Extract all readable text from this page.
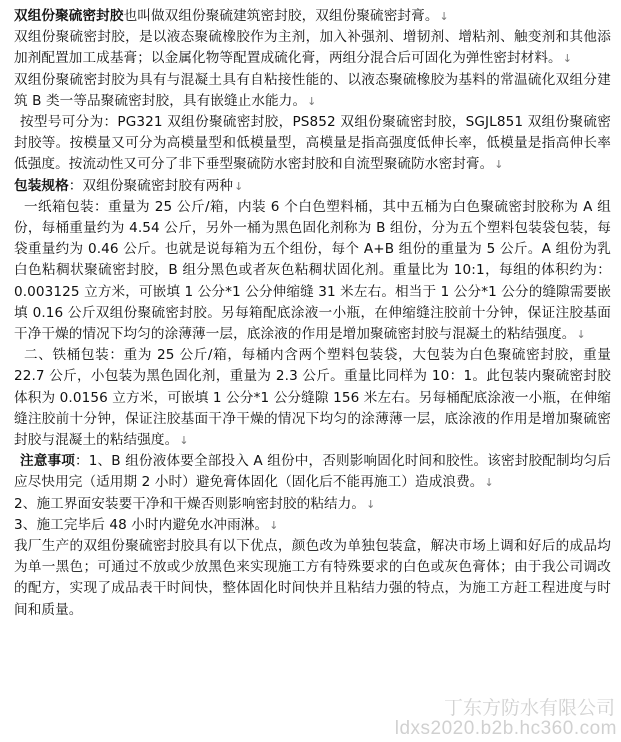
双组份聚硫密封胶也叫做双组份聚硫建筑密封胶，双组份聚硫密封膏。↓

双组份聚硫密封胶，是以液态聚硫橡胶作为主剂，加入补强剂、增韧剂、增粘剂、触变剂和其他添加剂配置加工成基膏；以金属化物等配置成硫化膏，两组分混合后可固化为弹性密封材料。↓

双组份聚硫密封胶为具有与混凝土具有自粘接性能的、以液态聚硫橡胶为基料的常温硫化双组分建筑 B 类一等品聚硫密封胶，具有嵌缝止水能力。↓

按型号可分为：PG321 双组份聚硫密封胶，PS852 双组份聚硫密封胶，SGJL851 双组份聚硫密封胶等。按模量又可分为高模量型和低模量型，高模量是指高强度低伸长率，低模量是指高伸长率低强度。按流动性又可分了非下垂型聚硫防水密封胶和自流型聚硫防水密封膏。↓

包装规格：双组份聚硫密封胶有两种↓

一纸箱包装：重量为 25 公斤/箱，内装 6 个白色塑料桶，其中五桶为白色聚硫密封胶称为 A 组份，每桶重量约为 4.54 公斤，另外一桶为黑色固化剂称为 B 组份，分为五个塑料包装袋包装，每袋重量约为 0.46 公斤。也就是说每箱为五个组份，每个 A+B 组份的重量为 5 公斤。A 组份为乳白色粘稠状聚硫密封胶，B 组分黑色或者灰色粘稠状固化剂。重量比为 10:1，每组的体积约为：0.003125 立方米，可嵌填 1 公分*1 公分伸缩缝 31 米左右。相当于 1 公分*1 公分的缝隙需要嵌填 0.16 公斤双组份聚硫密封胶。另每箱配底涂液一小瓶，在伸缩缝注胶前十分钟，保证注胶基面干净干燥的情况下均匀的涂薄薄一层，底涂液的作用是增加聚硫密封胶与混凝土的粘结强度。↓

二、铁桶包装：重为 25 公斤/箱，每桶内含两个塑料包装袋，大包装为白色聚硫密封胶，重量 22.7 公斤，小包装为黑色固化剂，重量为 2.3 公斤。重量比同样为 10：1。此包装内聚硫密封胶体积为 0.0156 立方米，可嵌填 1 公分*1 公分缝隙 156 米左右。另每桶配底涂液一小瓶，在伸缩缝注胶前十分钟，保证注胶基面干净干燥的情况下均匀的涂薄薄一层，底涂液的作用是增加聚硫密封胶与混凝土的粘结强度。↓

注意事项：1、B 组份液体要全部投入 A 组份中，否则影响固化时间和胶性。该密封胶配制均匀后应尽快用完（适用期 2 小时）避免膏体固化（固化后不能再施工）造成浪费。↓

2、施工界面安装要干净和干燥否则影响密封胶的粘结力。↓

3、施工完毕后 48 小时内避免水冲雨淋。↓

我厂生产的双组份聚硫密封胶具有以下优点，颜色改为单独包装盒，解决市场上调和好后的成品均为单一黑色；可通过不放或少放黑色来实现施工方有特殊要求的白色或灰色膏体；由于我公司调改的配方，实现了成品表干时间快，整体固化时间快并且粘结力强的特点，为施工方赶工程进度与时间和质量。

丁东方防水有限公司
ldxs2020.b2b.hc360.com
